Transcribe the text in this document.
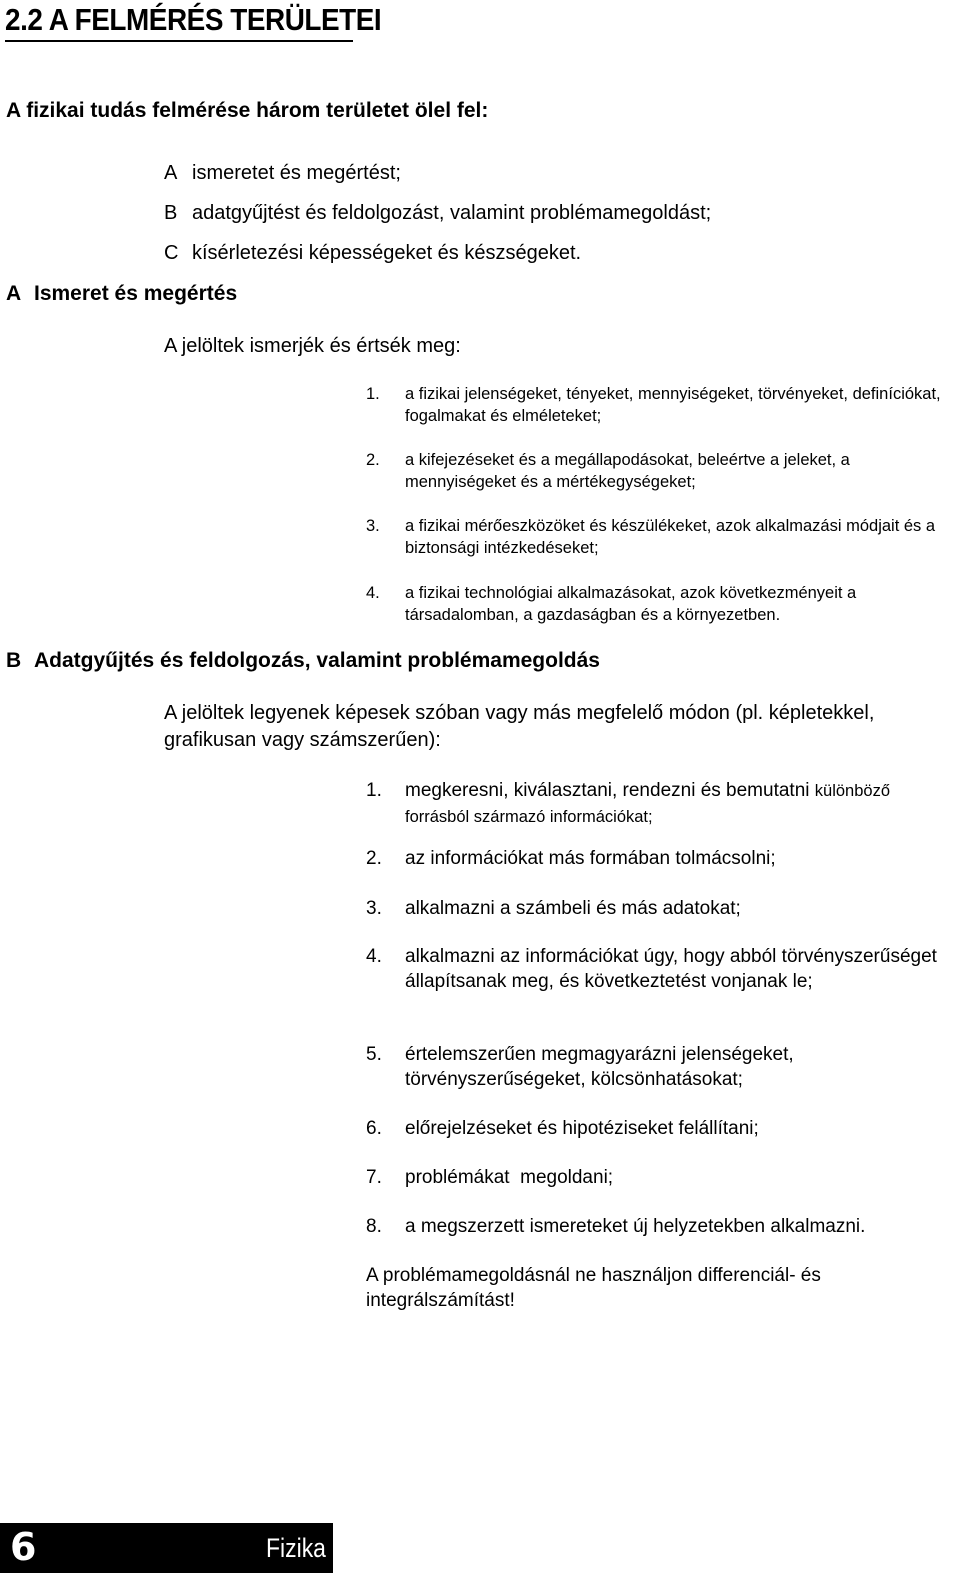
2.2 A FELMÉRÉS TERÜLETEI

A fizikai tudás felmérése három területet ölel fel:

A ismeretet és megértést;
B adatgyűjtést és feldolgozást, valamint problémamegoldást;
C kísérletezési képességeket és készségeket.
A Ismeret és megértés
A jelöltek ismerjék és értsék meg:
1.	a fizikai jelenségeket, tényeket, mennyiségeket, törvényeket, definíciókat, fogalmakat és elméleteket;
2.	a kifejezéseket és a megállapodásokat, beleértve a jeleket, a mennyiségeket és a mértékegységeket;
3.	a fizikai mérőeszközöket és készülékeket, azok alkalmazási módjait és a biztonsági intézkedéseket;
4.	a fizikai technológiai alkalmazásokat, azok következményeit a társadalomban, a gazdaságban és a környezetben.
B Adatgyűjtés és feldolgozás, valamint problémamegoldás
A jelöltek legyenek képesek szóban vagy más megfelelő módon (pl. képletekkel, grafikusan vagy számszerűen):
1.	megkeresni, kiválasztani, rendezni és bemutatni különböző forrásból származó információkat;
2.	az információkat más formában tolmácsolni;
3.	alkalmazni a számbeli és más adatokat;
4.	alkalmazni az információkat úgy, hogy abból törvényszerűséget állapítsanak meg, és következtetést vonjanak le;
5.	értelemszerűen megmagyarázni jelenségeket, törvényszerűségeket, kölcsönhatásokat;
6.	előrejelzéseket és hipotéziseket felállítani;
7.	problémákat  megoldani;
8.	a megszerzett ismereteket új helyzetekben alkalmazni.

A problémamegoldásnál ne használjon differenciál- és integrálszámítást!

6	Fizika
